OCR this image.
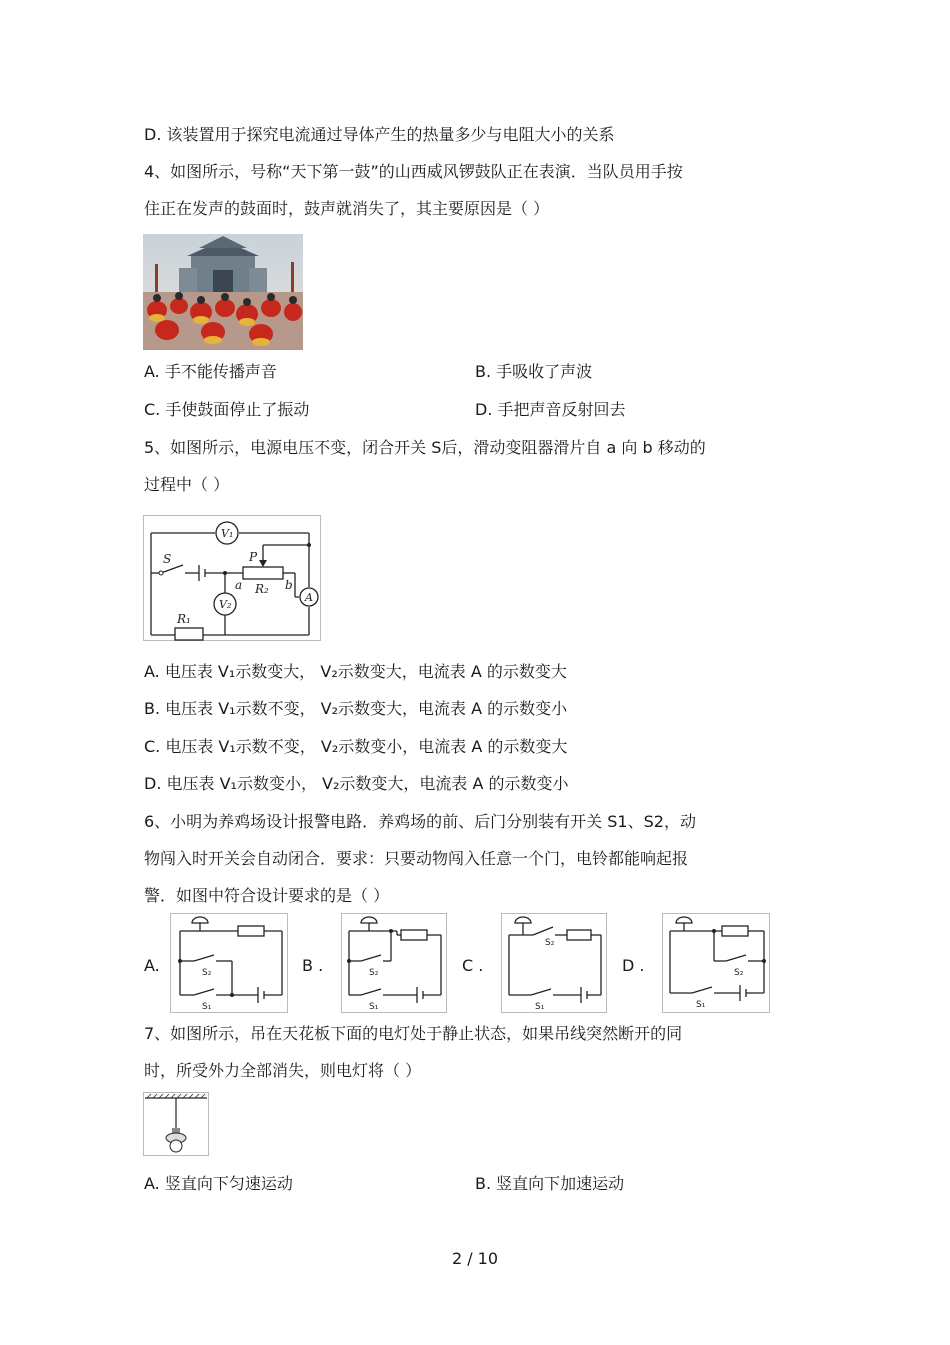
D. 该装置用于探究电流通过导体产生的热量多少与电阻大小的关系
4、如图所示，号称“天下第一鼓”的山西威风锣鼓队正在表演．当队员用手按
住正在发声的鼓面时，鼓声就消失了，其主要原因是（ ）
A. 手不能传播声音	B. 手吸收了声波
C. 手使鼓面停止了振动	D. 手把声音反射回去
5、如图所示，电源电压不变，闭合开关 S后，滑动变阻器滑片自 a 向 b 移动的
过程中（ ）
V₁
V₂
A
S	P
a	b
R₂
R₁
A. 电压表 V₁示数变大， V₂示数变大，电流表 A 的示数变大
B. 电压表 V₁示数不变， V₂示数变大，电流表 A 的示数变小
C. 电压表 V₁示数不变， V₂示数变小，电流表 A 的示数变大
D. 电压表 V₁示数变小， V₂示数变大，电流表 A 的示数变小
6、小明为养鸡场设计报警电路．养鸡场的前、后门分别装有开关 S1、S2，动
物闯入时开关会自动闭合．要求：只要动物闯入任意一个门，电铃都能响起报
警．如图中符合设计要求的是（ ）
A.	S₂
S₁
B .	S₂
S₁
C .
S₂
S₁
D .	S₂
S₁
7、如图所示，吊在天花板下面的电灯处于静止状态，如果吊线突然断开的同
时，所受外力全部消失，则电灯将（ ）
A. 竖直向下匀速运动	B. 竖直向下加速运动
2 / 10
